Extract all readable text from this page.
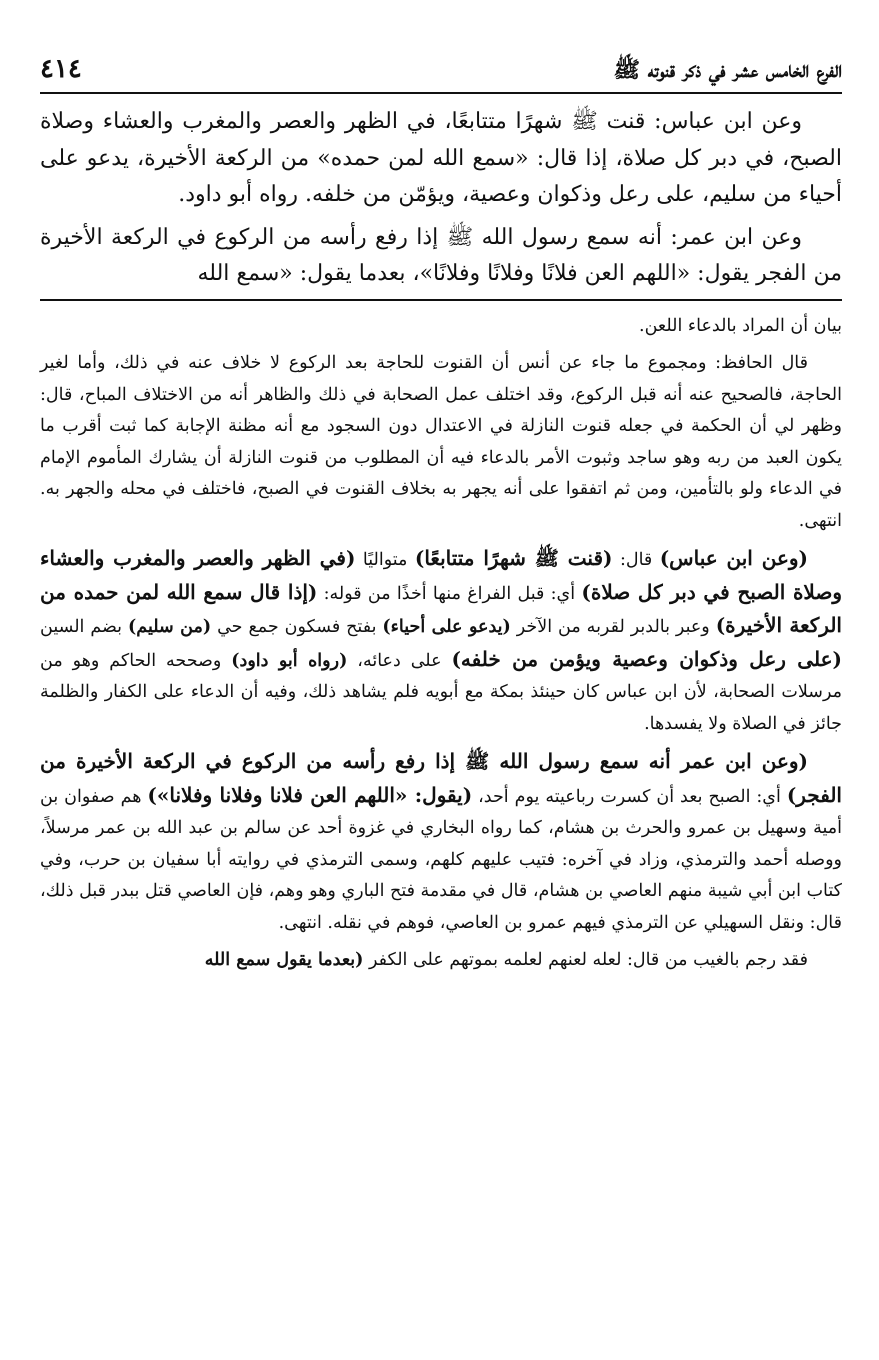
٤١٤	الفرع الخامس عشر في ذكر قنوته ﷺ

وعن ابن عباس: قنت ﷺ شهرًا متتابعًا، في الظهر والعصر والمغرب والعشاء وصلاة الصبح، في دبر كل صلاة، إذا قال: «سمع الله لمن حمده» من الركعة الأخيرة، يدعو على أحياء من سليم، على رعل وذكوان وعصية، ويؤمّن من خلفه. رواه أبو داود.

وعن ابن عمر: أنه سمع رسول الله ﷺ إذا رفع رأسه من الركوع في الركعة الأخيرة من الفجر يقول: «اللهم العن فلانًا وفلانًا وفلانًا»، بعدما يقول: «سمع الله

بيان أن المراد بالدعاء اللعن.

قال الحافظ: ومجموع ما جاء عن أنس أن القنوت للحاجة بعد الركوع لا خلاف عنه في ذلك، وأما لغير الحاجة، فالصحيح عنه أنه قبل الركوع، وقد اختلف عمل الصحابة في ذلك والظاهر أنه من الاختلاف المباح، قال: وظهر لي أن الحكمة في جعله قنوت النازلة في الاعتدال دون السجود مع أنه مظنة الإجابة كما ثبت أقرب ما يكون العبد من ربه وهو ساجد وثبوت الأمر بالدعاء فيه أن المطلوب من قنوت النازلة أن يشارك المأموم الإمام في الدعاء ولو بالتأمين، ومن ثم اتفقوا على أنه يجهر به بخلاف القنوت في الصبح، فاختلف في محله والجهر به. انتهى.

(وعن ابن عباس) قال: (قنت ﷺ شهرًا متتابعًا) متواليًا (في الظهر والعصر والمغرب والعشاء وصلاة الصبح في دبر كل صلاة) أي: قبل الفراغ منها أخذًا من قوله: (إذا قال سمع الله لمن حمده من الركعة الأخيرة) وعبر بالدبر لقربه من الآخر (يدعو على أحياء) بفتح فسكون جمع حي (من سليم) بضم السين (على رعل وذكوان وعصية ويؤمن من خلفه) على دعائه، (رواه أبو داود) وصححه الحاكم وهو من مرسلات الصحابة، لأن ابن عباس كان حينئذ بمكة مع أبويه فلم يشاهد ذلك، وفيه أن الدعاء على الكفار والظلمة جائز في الصلاة ولا يفسدها.

(وعن ابن عمر أنه سمع رسول الله ﷺ إذا رفع رأسه من الركوع في الركعة الأخيرة من الفجر) أي: الصبح بعد أن كسرت رباعيته يوم أحد، (يقول: «اللهم العن فلانا وفلانا وفلانا») هم صفوان بن أمية وسهيل بن عمرو والحرث بن هشام، كما رواه البخاري في غزوة أحد عن سالم بن عبد الله بن عمر مرسلاً، ووصله أحمد والترمذي، وزاد في آخره: فتيب عليهم كلهم، وسمى الترمذي في روايته أبا سفيان بن حرب، وفي كتاب ابن أبي شيبة منهم العاصي بن هشام، قال في مقدمة فتح الباري وهو وهم، فإن العاصي قتل ببدر قبل ذلك، قال: ونقل السهيلي عن الترمذي فيهم عمرو بن العاصي، فوهم في نقله. انتهى.

فقد رجم بالغيب من قال: لعله لعنهم لعلمه بموتهم على الكفر (بعدما يقول سمع الله
